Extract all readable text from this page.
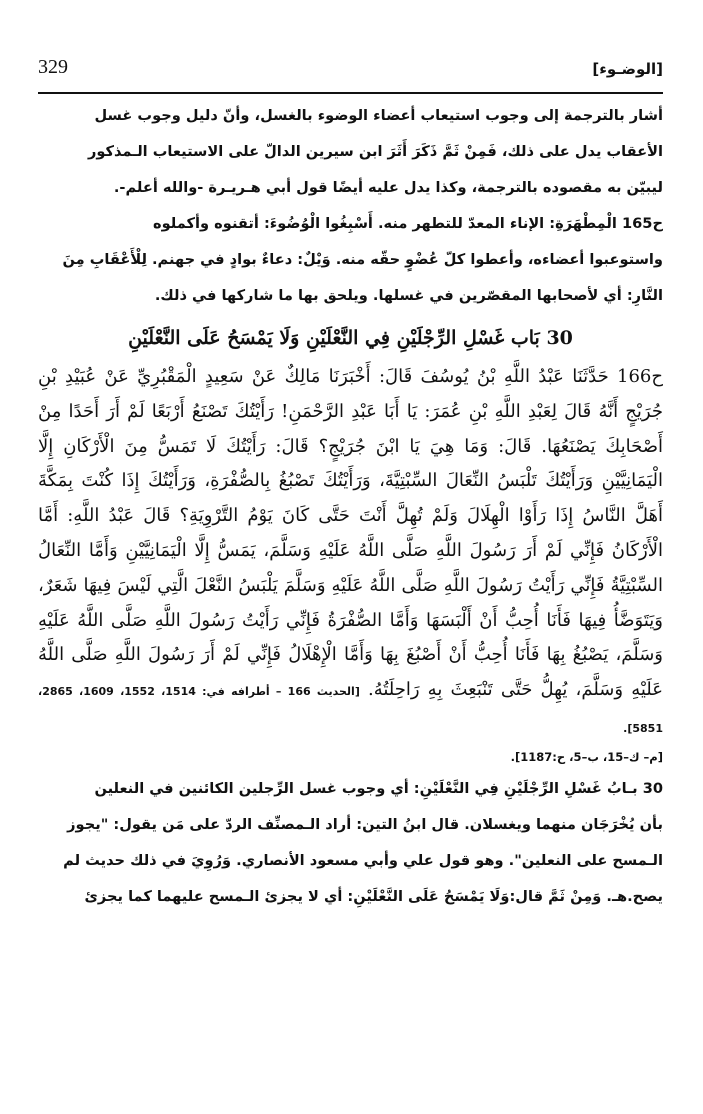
329	[الوضـوء]

أشار بالترجمة إلى وجوب استيعاب أعضاء الوضوء بالغسل، وأنّ دليل وجوب غسل

الأعقاب يدل على ذلك، فَمِنْ ثَمَّ ذَكَرَ أَثَرَ ابن سيرين الدالّ على الاستيعاب الـمذكور

ليبيّن به مقصوده بالترجمة، وكذا يدل عليه أيضًا قول أبي هـريـرة -والله أعلم-.

ح165 الْمِطْهَرَةِ: الإناء المعدّ للتطهر منه. أَسْبِغُوا الْوُضُوءَ: أتقنوه وأكملوه

واستوعبوا أعضاءه، وأعطوا كلّ عُضْوٍ حقّه منه. وَيْلٌ: دعاءٌ بوادٍ في جهنم. لِلْأَعْقَابِ مِنَ

النَّارِ: أي لأصحابها المقصّرين في غسلها. ويلحق بها ما شاركها في ذلك.

30 بَاب غَسْلِ الرِّجْلَيْنِ فِي النَّعْلَيْنِ وَلَا يَمْسَحُ عَلَى النَّعْلَيْنِ

ح166 حَدَّثَنَا عَبْدُ اللَّهِ بْنُ يُوسُفَ قَالَ: أَخْبَرَنَا مَالِكٌ عَنْ سَعِيدٍ الْمَقْبُرِيِّ عَنْ عُبَيْدِ بْنِ جُرَيْجٍ أَنَّهُ قَالَ لِعَبْدِ اللَّهِ بْنِ عُمَرَ: يَا أَبَا عَبْدِ الرَّحْمَنِ! رَأَيْتُكَ تَصْنَعُ أَرْبَعًا لَمْ أَرَ أَحَدًا مِنْ أَصْحَابِكَ يَصْنَعُهَا. قَالَ: وَمَا هِيَ يَا ابْنَ جُرَيْجٍ؟ قَالَ: رَأَيْتُكَ لَا تَمَسُّ مِنَ الْأَرْكَانِ إِلَّا الْيَمَانِيَّيْنِ وَرَأَيْتُكَ تَلْبَسُ النِّعَالَ السِّبْتِيَّةَ، وَرَأَيْتُكَ تَصْبُغُ بِالصُّفْرَةِ، وَرَأَيْتُكَ إِذَا كُنْتَ بِمَكَّةَ أَهَلَّ النَّاسُ إِذَا رَأَوْا الْهِلَالَ وَلَمْ تُهِلَّ أَنْتَ حَتَّى كَانَ يَوْمُ التَّرْوِيَةِ؟ قَالَ عَبْدُ اللَّهِ: أَمَّا الْأَرْكَانُ فَإِنِّي لَمْ أَرَ رَسُولَ اللَّهِ صَلَّى اللَّهُ عَلَيْهِ وَسَلَّمَ، يَمَسُّ إِلَّا الْيَمَانِيَّيْنِ وَأَمَّا النِّعَالُ السِّبْتِيَّةُ فَإِنِّي رَأَيْتُ رَسُولَ اللَّهِ صَلَّى اللَّهُ عَلَيْهِ وَسَلَّمَ يَلْبَسُ النَّعْلَ الَّتِي لَيْسَ فِيهَا شَعَرٌ، وَيَتَوَضَّأُ فِيهَا فَأَنَا أُحِبُّ أَنْ أَلْبَسَهَا وَأَمَّا الصُّفْرَةُ فَإِنِّي رَأَيْتُ رَسُولَ اللَّهِ صَلَّى اللَّهُ عَلَيْهِ وَسَلَّمَ، يَصْبُغُ بِهَا فَأَنَا أُحِبُّ أَنْ أَصْبُغَ بِهَا وَأَمَّا الْإِهْلَالُ فَإِنِّي لَمْ أَرَ رَسُولَ اللَّهِ صَلَّى اللَّهُ عَلَيْهِ وَسَلَّمَ، يُهِلُّ حَتَّى تَنْبَعِثَ بِهِ رَاحِلَتُهُ. [الحديث 166 – أطرافه في: 1514، 1552، 1609، 2865، 5851].

[م– ك–15، ب–5، ح:1187].

30 بـابُ غَسْلِ الرِّجْلَيْنِ فِي النَّعْلَيْنِ: أي وجوب غسل الرِّجلين الكائنين في النعلين

بأن يُخْرَجَان منهما ويغسلان. قال ابنُ التين: أراد الـمصنِّف الردّ على مَن يقول: "يجوز

الـمسح على النعلين". وهو قول علي وأبي مسعود الأنصاري. وَرُوِيَ في ذلك حديث لم

يصح.هـ. وَمِنْ ثَمَّ قال:وَلَا يَمْسَحُ عَلَى النَّعْلَيْنِ: أي لا يجزئ الـمسح عليهما كما يجزئ
